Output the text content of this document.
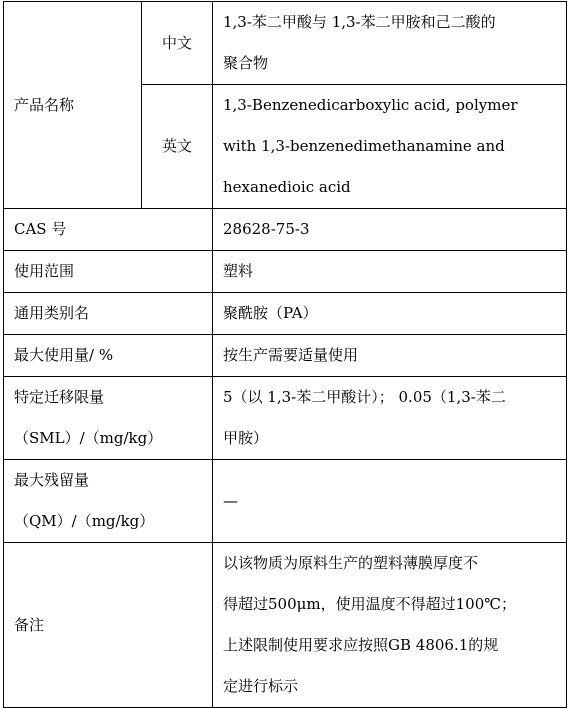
产品名称	中文	1,3-苯二甲酸与 1,3-苯二甲胺和己二酸的
聚合物

	英文	1,3-Benzenedicarboxylic acid, polymer
with 1,3-benzenedimethanamine and
hexanedioic acid

CAS 号		28628-75-3
使用范围		塑料
通用类别名		聚酰胺（PA）
最大使用量/ %		按生产需要适量使用

特定迁移限量
（SML）/（mg/kg）		5（以 1,3-苯二甲酸计）； 0.05（1,3-苯二
甲胺）

最大残留量
（QM）/（mg/kg）		—
备注		以该物质为原料生产的塑料薄膜厚度不
得超过500μm，使用温度不得超过100℃；
上述限制使用要求应按照GB 4806.1的规
定进行标示
